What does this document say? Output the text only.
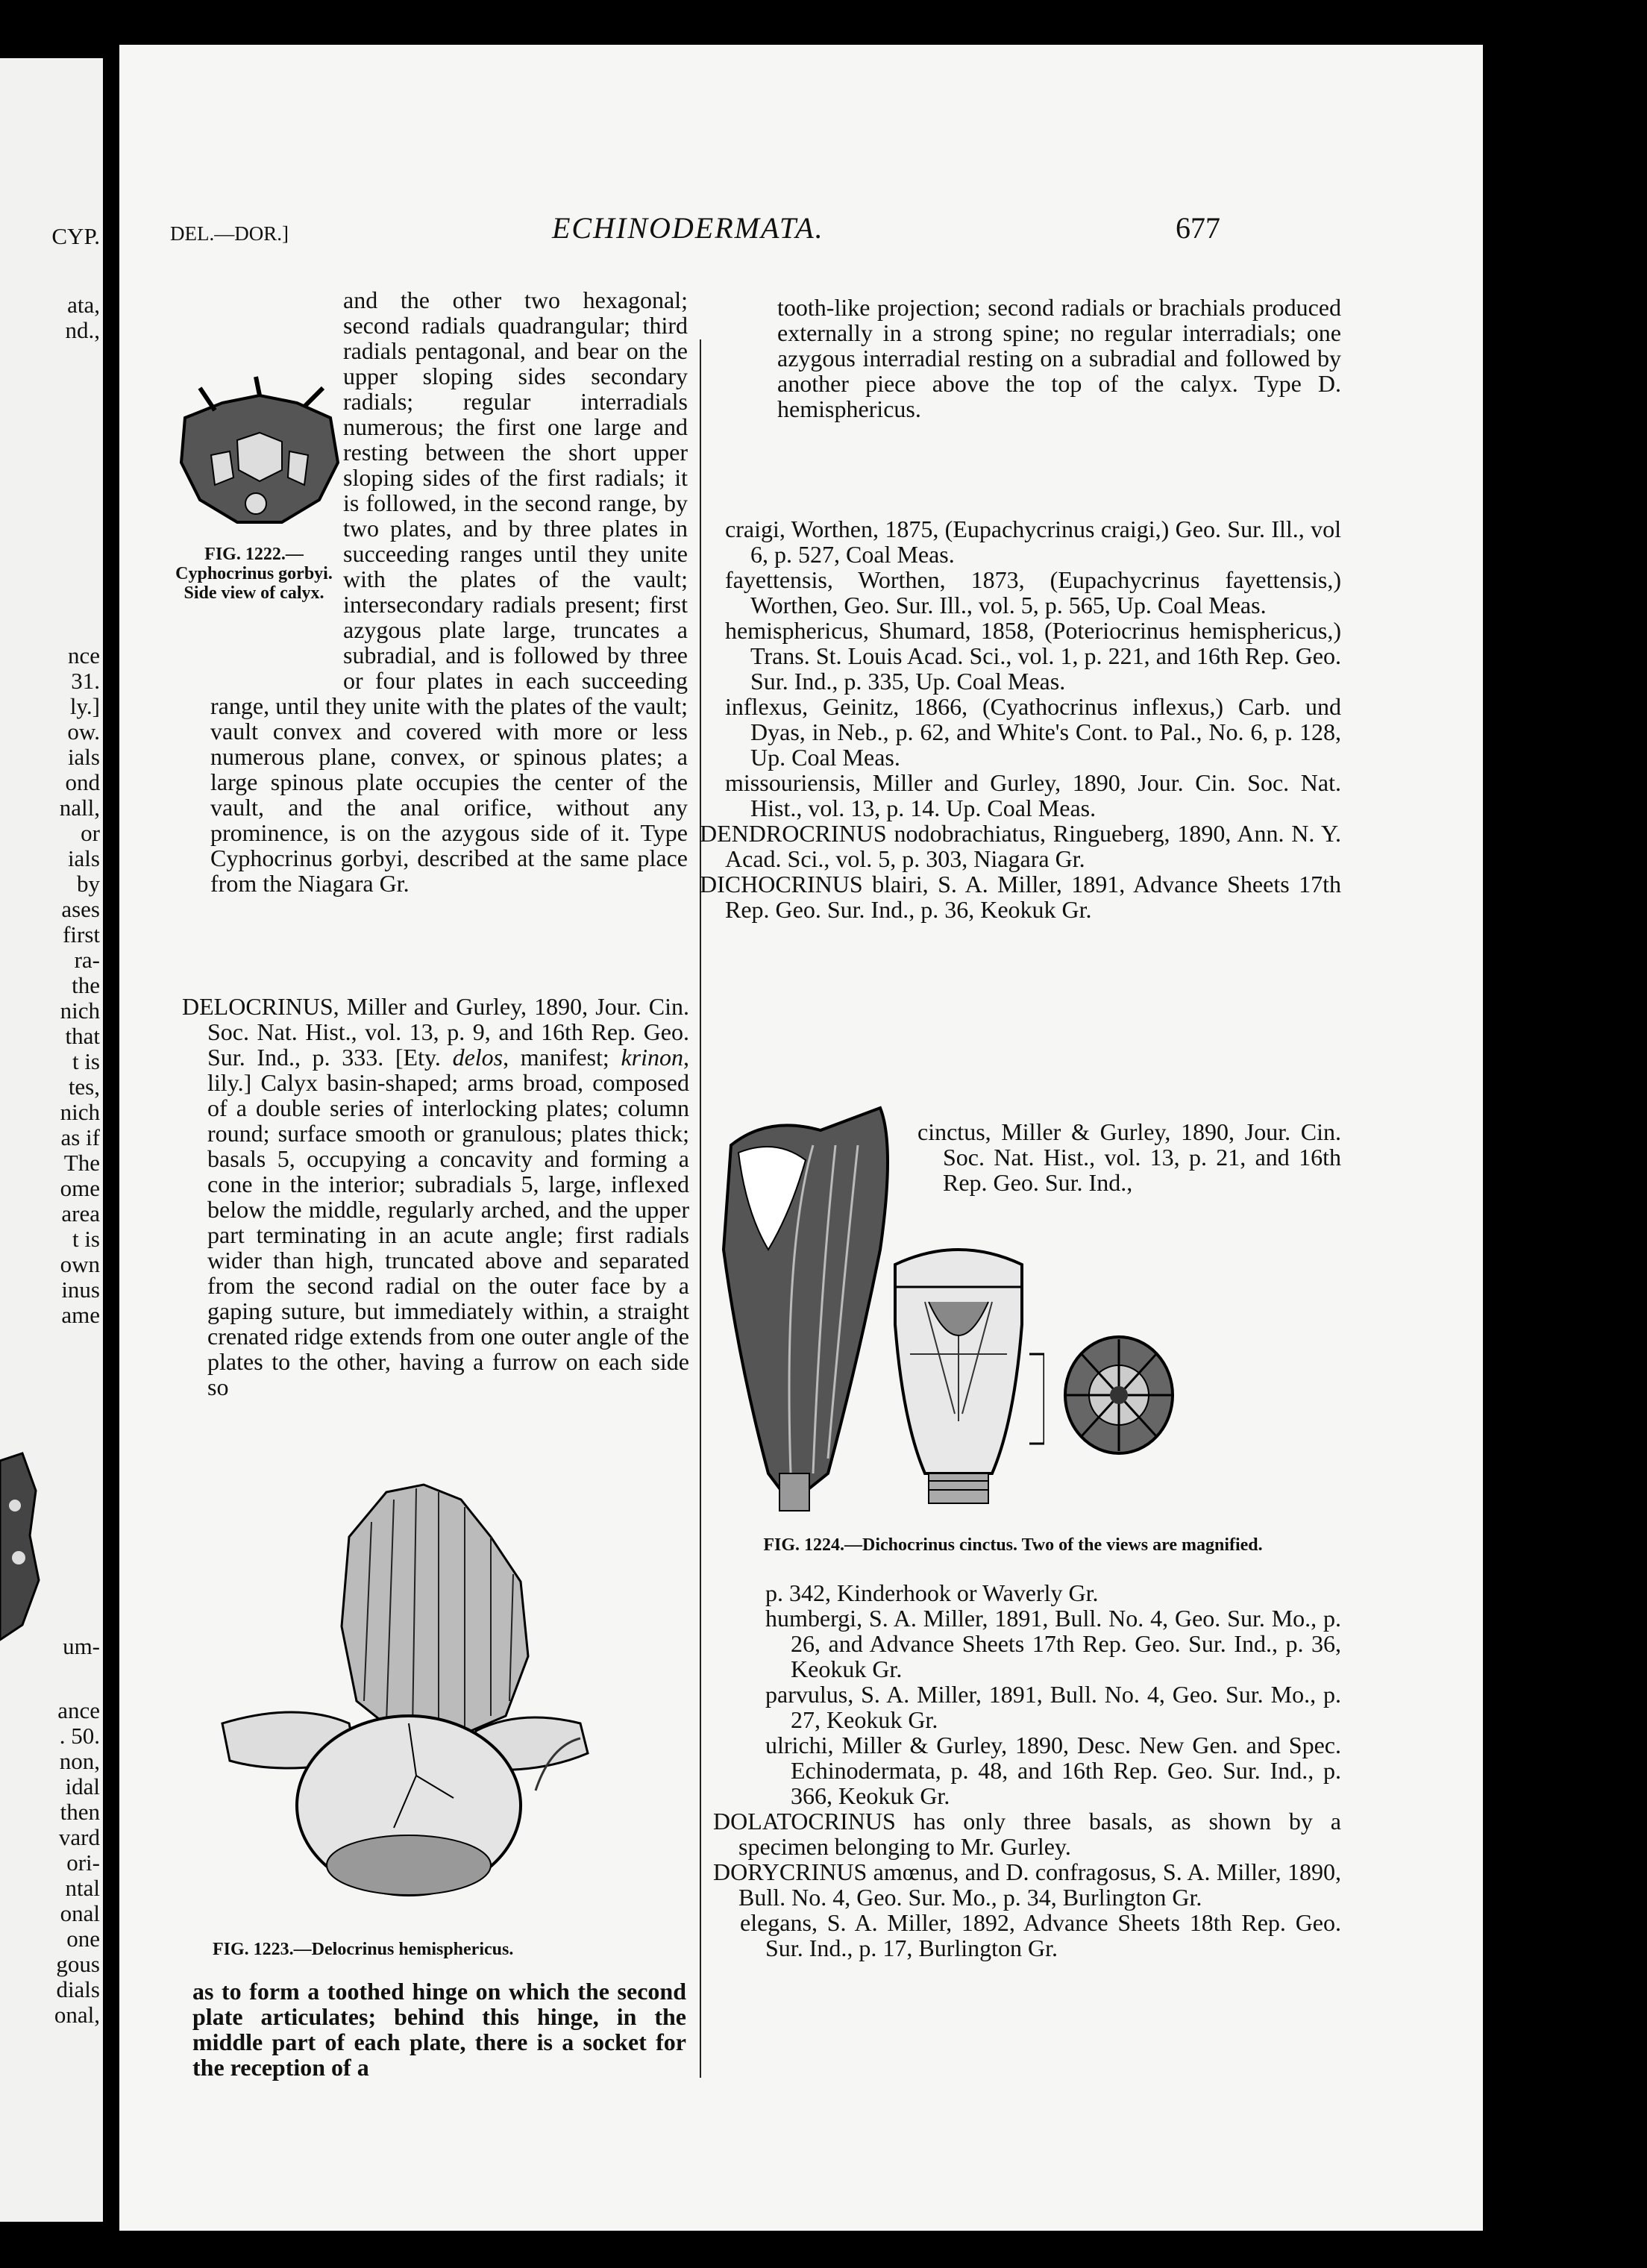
CYP.
ata,
nd.,
nce
31.
ly.]
ow.
ials
ond
nall,
or
ials
by
ases
first
ra-
the
nich
that
t is
tes,
nich
as if
The
ome
area
t is
own
inus
ame
um-
ance
. 50.
non,
idal
then
vard
ori-
ntal
onal
one
gous
dials
onal,
DEL.—DOR.]	ECHINODERMATA.	677
FIG. 1222.—Cyphocrinus gorbyi. Side view of calyx.

and the other two hexagonal; second radials quadrangular; third radials pentagonal, and bear on the upper sloping sides secondary radials; regular interradials numerous; the first one large and resting between the short upper sloping sides of the first radials; it is followed, in the second range, by two plates, and by three plates in succeeding ranges until they unite with the plates of the vault; intersecondary radials present; first azygous plate large, truncates a subradial, and is followed by three or four plates in each succeeding range, until they unite with the plates of the vault; vault convex and covered with more or less numerous plane, convex, or spinous plates; a large spinous plate occupies the center of the vault, and the anal orifice, without any prominence, is on the azygous side of it. Type Cyphocrinus gorbyi, described at the same place from the Niagara Gr.

DELOCRINUS, Miller and Gurley, 1890, Jour. Cin. Soc. Nat. Hist., vol. 13, p. 9, and 16th Rep. Geo. Sur. Ind., p. 333. [Ety. delos, manifest; krinon, lily.] Calyx basin-shaped; arms broad, composed of a double series of interlocking plates; column round; surface smooth or granulous; plates thick; basals 5, occupying a concavity and forming a cone in the interior; subradials 5, large, inflexed below the middle, regularly arched, and the upper part terminating in an acute angle; first radials wider than high, truncated above and separated from the second radial on the outer face by a gaping suture, but immediately within, a straight crenated ridge extends from one outer angle of the plates to the other, having a furrow on each side so

FIG. 1223.—Delocrinus hemisphericus.

as to form a toothed hinge on which the second plate articulates; behind this hinge, in the middle part of each plate, there is a socket for the reception of a

tooth-like projection; second radials or brachials produced externally in a strong spine; no regular interradials; one azygous interradial resting on a subradial and followed by another piece above the top of the calyx. Type D. hemisphericus.

craigi, Worthen, 1875, (Eupachycrinus craigi,) Geo. Sur. Ill., vol 6, p. 527, Coal Meas.

fayettensis, Worthen, 1873, (Eupachycrinus fayettensis,) Worthen, Geo. Sur. Ill., vol. 5, p. 565, Up. Coal Meas.

hemisphericus, Shumard, 1858, (Poteriocrinus hemisphericus,) Trans. St. Louis Acad. Sci., vol. 1, p. 221, and 16th Rep. Geo. Sur. Ind., p. 335, Up. Coal Meas.

inflexus, Geinitz, 1866, (Cyathocrinus inflexus,) Carb. und Dyas, in Neb., p. 62, and White's Cont. to Pal., No. 6, p. 128, Up. Coal Meas.

missouriensis, Miller and Gurley, 1890, Jour. Cin. Soc. Nat. Hist., vol. 13, p. 14. Up. Coal Meas.

DENDROCRINUS nodobrachiatus, Ringueberg, 1890, Ann. N. Y. Acad. Sci., vol. 5, p. 303, Niagara Gr.

DICHOCRINUS blairi, S. A. Miller, 1891, Advance Sheets 17th Rep. Geo. Sur. Ind., p. 36, Keokuk Gr.

cinctus, Miller & Gurley, 1890, Jour. Cin. Soc. Nat. Hist., vol. 13, p. 21, and 16th Rep. Geo. Sur. Ind.,

FIG. 1224.—Dichocrinus cinctus. Two of the views are magnified.

p. 342, Kinderhook or Waverly Gr.

humbergi, S. A. Miller, 1891, Bull. No. 4, Geo. Sur. Mo., p. 26, and Advance Sheets 17th Rep. Geo. Sur. Ind., p. 36, Keokuk Gr.

parvulus, S. A. Miller, 1891, Bull. No. 4, Geo. Sur. Mo., p. 27, Keokuk Gr.

ulrichi, Miller & Gurley, 1890, Desc. New Gen. and Spec. Echinodermata, p. 48, and 16th Rep. Geo. Sur. Ind., p. 366, Keokuk Gr.

DOLATOCRINUS has only three basals, as shown by a specimen belonging to Mr. Gurley.

DORYCRINUS amœnus, and D. confragosus, S. A. Miller, 1890, Bull. No. 4, Geo. Sur. Mo., p. 34, Burlington Gr.

elegans, S. A. Miller, 1892, Advance Sheets 18th Rep. Geo. Sur. Ind., p. 17, Burlington Gr.
